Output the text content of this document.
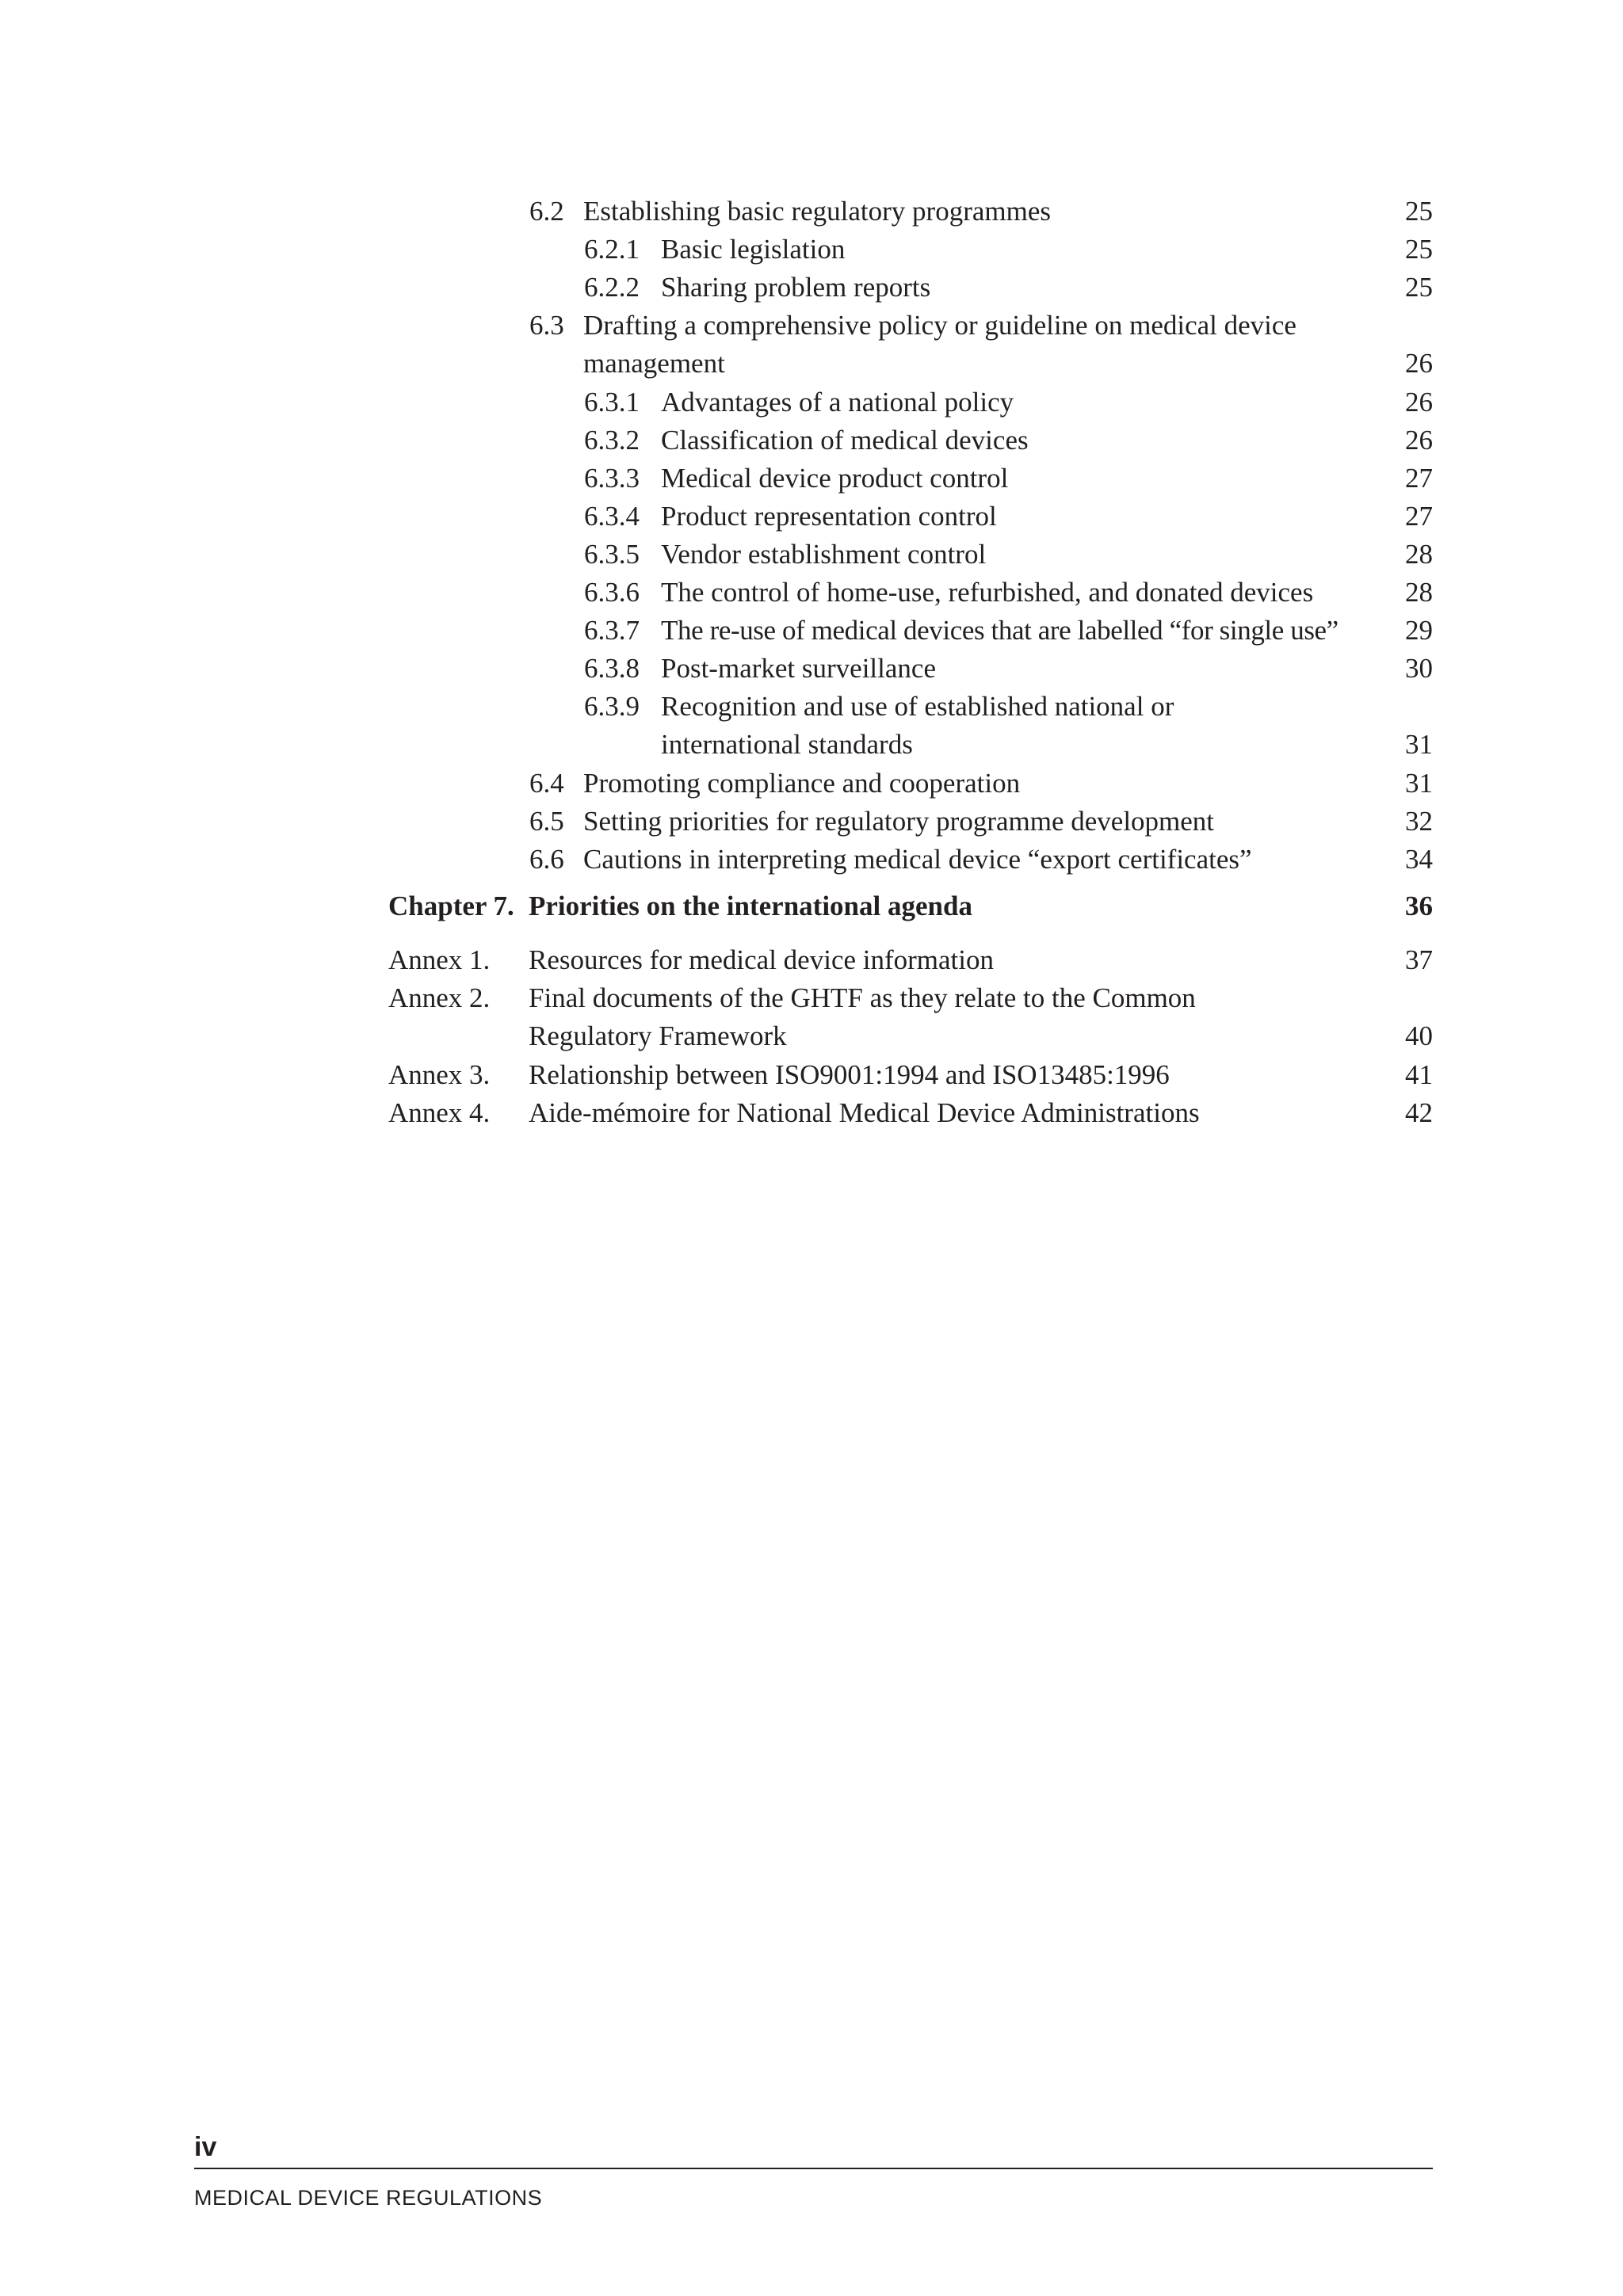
6.2 Establishing basic regulatory programmes	25
6.2.1 Basic legislation	25
6.2.2 Sharing problem reports	25
6.3 Drafting a comprehensive policy or guideline on medical device
management	26
6.3.1 Advantages of a national policy	26
6.3.2 Classification of medical devices	26
6.3.3 Medical device product control	27
6.3.4 Product representation control	27
6.3.5 Vendor establishment control	28
6.3.6 The control of home-use, refurbished, and donated devices	28
6.3.7 The re-use of medical devices that are labelled “for single use” 29
6.3.8 Post-market surveillance	30
6.3.9 Recognition and use of established national or
international standards	31
6.4 Promoting compliance and cooperation	31
6.5 Setting priorities for regulatory programme development	32
6.6 Cautions in interpreting medical device “export certificates”	34
Chapter 7. Priorities on the international agenda	36
Annex 1. Resources for medical device information	37
Annex 2. Final documents of the GHTF as they relate to the Common
Regulatory Framework	40
Annex 3. Relationship between ISO9001:1994 and ISO13485:1996	41
Annex 4. Aide-mémoire for National Medical Device Administrations	42
iv
MEDICAL DEVICE REGULATIONS
